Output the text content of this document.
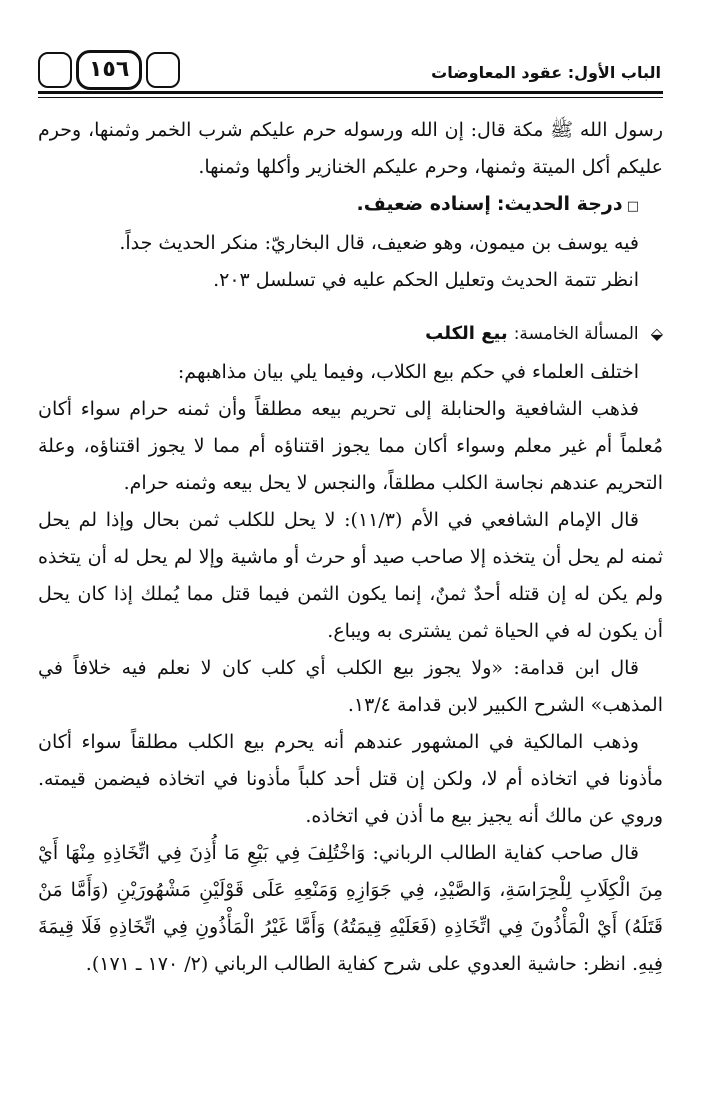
الباب الأول: عقود المعاوضات
١٥٦

رسول الله ﷺ مكة قال: إن الله ورسوله حرم عليكم شرب الخمر وثمنها، وحرم عليكم أكل الميتة وثمنها، وحرم عليكم الخنازير وأكلها وثمنها.

□ درجة الحديث: إسناده ضعيف.

فيه يوسف بن ميمون، وهو ضعيف، قال البخاريّ: منكر الحديث جداً.

انظر تتمة الحديث وتعليل الحكم عليه في تسلسل ٢٠٣.

⬙ المسألة الخامسة: بيع الكلب

اختلف العلماء في حكم بيع الكلاب، وفيما يلي بيان مذاهبهم:

فذهب الشافعية والحنابلة إلى تحريم بيعه مطلقاً وأن ثمنه حرام سواء أكان مُعلماً أم غير معلم وسواء أكان مما يجوز اقتناؤه أم مما لا يجوز اقتناؤه، وعلة التحريم عندهم نجاسة الكلب مطلقاً، والنجس لا يحل بيعه وثمنه حرام.

قال الإمام الشافعي في الأم (١١/٣): لا يحل للكلب ثمن بحال وإذا لم يحل ثمنه لم يحل أن يتخذه إلا صاحب صيد أو حرث أو ماشية وإلا لم يحل له أن يتخذه ولم يكن له إن قتله أحدٌ ثمنٌ، إنما يكون الثمن فيما قتل مما يُملك إذا كان يحل أن يكون له في الحياة ثمن يشترى به ويباع.

قال ابن قدامة: «ولا يجوز بيع الكلب أي كلب كان لا نعلم فيه خلافاً في المذهب» الشرح الكبير لابن قدامة ١٣/٤.

وذهب المالكية في المشهور عندهم أنه يحرم بيع الكلب مطلقاً سواء أكان مأذونا في اتخاذه أم لا، ولكن إن قتل أحد كلباً مأذونا في اتخاذه فيضمن قيمته. وروي عن مالك أنه يجيز بيع ما أذن في اتخاذه.

قال صاحب كفاية الطالب الرباني: وَاخْتُلِفَ فِي بَيْعِ مَا أُذِنَ فِي اتِّخَاذِهِ مِنْهَا أَيْ مِنَ الْكِلَابِ لِلْحِرَاسَةِ، وَالصَّيْدِ، فِي جَوَازِهِ وَمَنْعِهِ عَلَى قَوْلَيْنِ مَشْهُورَيْنِ (وَأَمَّا مَنْ قَتَلَهُ) أَيْ الْمَأْذُونَ فِي اتِّخَاذِهِ (فَعَلَيْهِ قِيمَتُهُ) وَأَمَّا غَيْرُ الْمَأْذُونِ فِي اتِّخَاذِهِ فَلَا قِيمَةَ فِيهِ. انظر: حاشية العدوي على شرح كفاية الطالب الرباني (٢/ ١٧٠ ـ ١٧١).
